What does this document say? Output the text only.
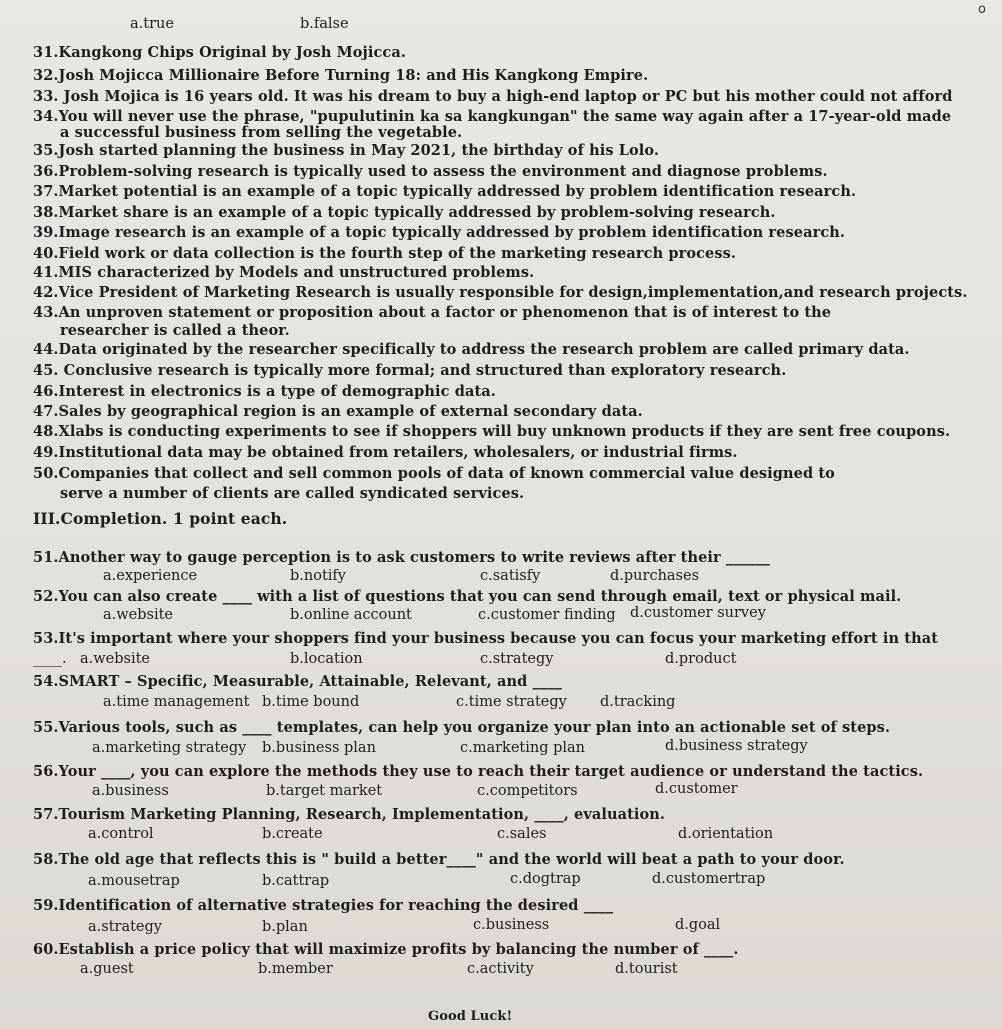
o
a.true	b.false
31.Kangkong Chips Original by Josh Mojicca.
32.Josh Mojicca Millionaire Before Turning 18: and His Kangkong Empire.
33. Josh Mojica is 16 years old. It was his dream to buy a high-end laptop or PC but his mother could not afford
34.You will never use the phrase, "pupulutinin ka sa kangkungan" the same way again after a 17-year-old made
a successful business from selling the vegetable.
35.Josh started planning the business in May 2021, the birthday of his Lolo.
36.Problem-solving research is typically used to assess the environment and diagnose problems.
37.Market potential is an example of a topic typically addressed by problem identification research.
38.Market share is an example of a topic typically addressed by problem-solving research.
39.Image research is an example of a topic typically addressed by problem identification research.
40.Field work or data collection is the fourth step of the marketing research process.
41.MIS characterized by Models and unstructured problems.
42.Vice President of Marketing Research is usually responsible for design,implementation,and research projects.
43.An unproven statement or proposition about a factor or phenomenon that is of interest to the
researcher is called a theor.
44.Data originated by the researcher specifically to address the research problem are called primary data.
45. Conclusive research is typically more formal; and structured than exploratory research.
46.Interest in electronics is a type of demographic data.
47.Sales by geographical region is an example of external secondary data.
48.Xlabs is conducting experiments to see if shoppers will buy unknown products if they are sent free coupons.
49.Institutional data may be obtained from retailers, wholesalers, or industrial firms.
50.Companies that collect and sell common pools of data of known commercial value designed to
serve a number of clients are called syndicated services.
III.Completion. 1 point each.
51.Another way to gauge perception is to ask customers to write reviews after their ______
a.experience	b.notify	c.satisfy	d.purchases
52.You can also create ____ with a list of questions that you can send through email, text or physical mail.
a.website	b.online account	c.customer finding d.customer survey
53.It's important where your shoppers find your business because you can focus your marketing effort in that
____. a.website	b.location	c.strategy	d.product
54.SMART – Specific, Measurable, Attainable, Relevant, and ____
a.time management b.time bound	c.time strategy d.tracking
55.Various tools, such as ____ templates, can help you organize your plan into an actionable set of steps.
a.marketing strategy b.business plan	c.marketing plan	d.business strategy
56.Your ____, you can explore the methods they use to reach their target audience or understand the tactics.
a.business	b.target market	c.competitors	d.customer
57.Tourism Marketing Planning, Research, Implementation, ____, evaluation.
a.control	b.create	c.sales	d.orientation
58.The old age that reflects this is " build a better____" and the world will beat a path to your door.
a.mousetrap	b.cattrap	c.dogtrap	d.customertrap
59.Identification of alternative strategies for reaching the desired ____
a.strategy	b.plan	c.business	d.goal
60.Establish a price policy that will maximize profits by balancing the number of ____.
a.guest	b.member	c.activity	d.tourist
Good Luck!
